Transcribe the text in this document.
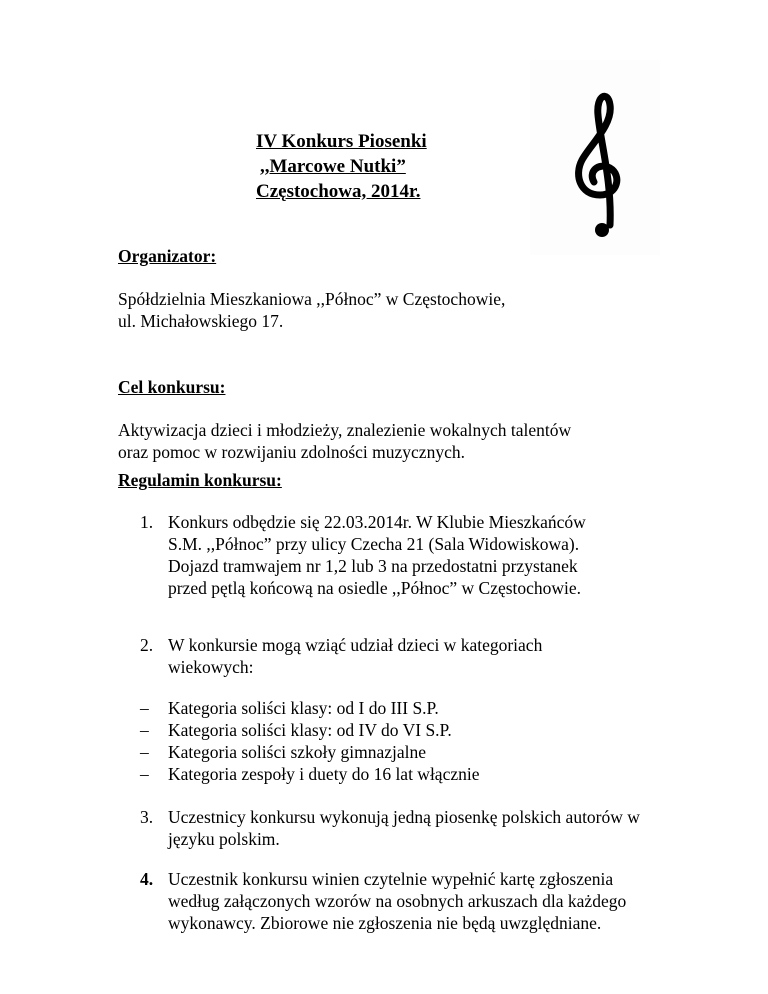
IV Konkurs Piosenki
,,Marcowe Nutki”
Częstochowa, 2014r.
Organizator:
Spółdzielnia Mieszkaniowa ,,Północ” w Częstochowie,
ul. Michałowskiego 17.
Cel konkursu:
Aktywizacja dzieci i młodzieży, znalezienie wokalnych talentów
oraz pomoc w rozwijaniu zdolności muzycznych.
Regulamin konkursu:
1. Konkurs odbędzie się 22.03.2014r. W Klubie Mieszkańców
S.M. ,,Północ” przy ulicy Czecha 21 (Sala Widowiskowa).
Dojazd tramwajem nr 1,2 lub 3 na przedostatni przystanek
przed pętlą końcową na osiedle ,,Północ” w Częstochowie.
2. W konkursie mogą wziąć udział dzieci w kategoriach
wiekowych:
– Kategoria soliści klasy: od I do III S.P.
– Kategoria soliści klasy: od IV do VI S.P.
– Kategoria soliści szkoły gimnazjalne
– Kategoria zespoły i duety do 16 lat włącznie
3. Uczestnicy konkursu wykonują jedną piosenkę polskich autorów w
języku polskim.
4. Uczestnik konkursu winien czytelnie wypełnić kartę zgłoszenia
według załączonych wzorów na osobnych arkuszach dla każdego
wykonawcy. Zbiorowe nie zgłoszenia nie będą uwzględniane.
